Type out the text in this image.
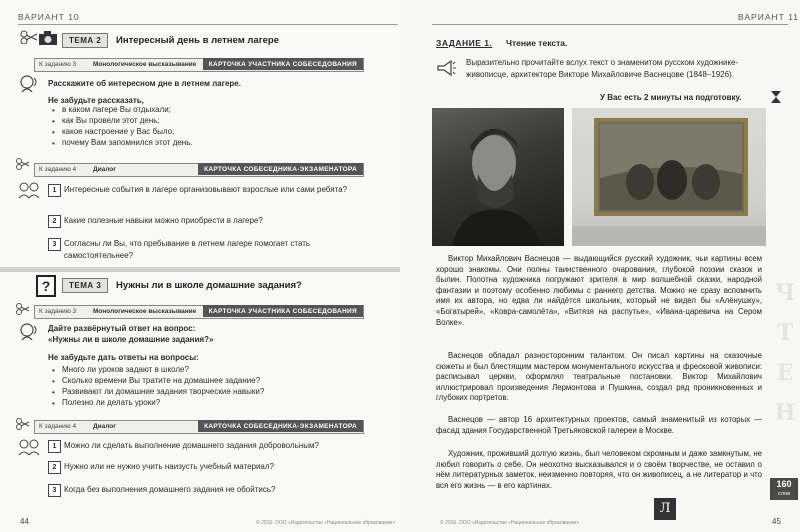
ВАРИАНТ 10
ТЕМА 2	Интересный день в летнем лагере
К заданию 3	Монологическое высказывание	КАРТОЧКА УЧАСТНИКА СОБЕСЕДОВАНИЯ
Расскажите об интересном дне в летнем лагере.
Не забудьте рассказать,
• в каком лагере Вы отдыхали;
• как Вы провели этот день;
• какое настроение у Вас было;
• почему Вам запомнился этот день.
К заданию 4	Диалог	КАРТОЧКА СОБЕСЕДНИКА-ЭКЗАМЕНАТОРА
1 Интересные события в лагере организовывают взрослые или сами ребята?
2 Какие полезные навыки можно приобрести в лагере?
3 Согласны ли Вы, что пребывание в летнем лагере помогает стать самостоятельнее?
?	ТЕМА 3	Нужны ли в школе домашние задания?
К заданию 3	Монологическое высказывание	КАРТОЧКА УЧАСТНИКА СОБЕСЕДОВАНИЯ
Дайте развёрнутый ответ на вопрос:
«Нужны ли в школе домашние задания?»
Не забудьте дать ответы на вопросы:
• Много ли уроков задают в школе?
• Сколько времени Вы тратите на домашнее задание?
• Развивают ли домашние задания творческие навыки?
• Полезно ли делать уроки?
К заданию 4	Диалог	КАРТОЧКА СОБЕСЕДНИКА-ЭКЗАМЕНАТОРА
1 Можно ли сделать выполнение домашнего задания добровольным?
2 Нужно или не нужно учить наизусть учебный материал?
3 Когда без выполнения домашнего задания не обойтись?
44	© 2016. ООО «Издательство «Национальное образование»
ВАРИАНТ 11
ЗАДАНИЕ 1. Чтение текста.
Выразительно прочитайте вслух текст о знаменитом русском художнике-живописце, архитекторе Викторе Михайловиче Васнецове (1848–1926).
У Вас есть 2 минуты на подготовку.
Виктор Михайлович Васнецов — выдающийся русский художник, чьи картины всем хорошо знакомы. Они полны таинственного очарования, глубокой поэзии сказок и былин. Полотна художника погружают зрителя в мир волшебной сказки, народной фантазии и поэтому особенно любимы с раннего детства. Можно не сразу вспомнить имя их автора, но едва ли найдётся школьник, который не видел бы «Алёнушку», «Богатырей», «Ковра-самолёта», «Витязя на распутье», «Ивана-царевича на Сером Волке».
Васнецов обладал разносторонним талантом. Он писал картины на сказочные сюжеты и был блестящим мастером монументального искусства и фрескoвой живописи: расписывал церкви, оформлял театральные постановки. Виктор Михайлович иллюстрировал произведения Лермонтова и Пушкина, создал ряд проникновенных и глубоких портретов.
Васнецов — автор 16 архитектурных проектов, самый знаменитый из которых — фасад здания Государственной Третьяковской галереи в Москве.
Художник, проживший долгую жизнь, был человеком скромным и даже замкнутым, не любил говорить о себе. Он неохотно высказывался и о своём творчестве, не оставил о нём литературных заметок, неизменно повторяя, что он живописец, а не литератор и что вся его жизнь — в его картинах.
Ч
Т
Е
Н
160
слов
Л
© 2016. ООО «Издательство «Национальное образование»	45
